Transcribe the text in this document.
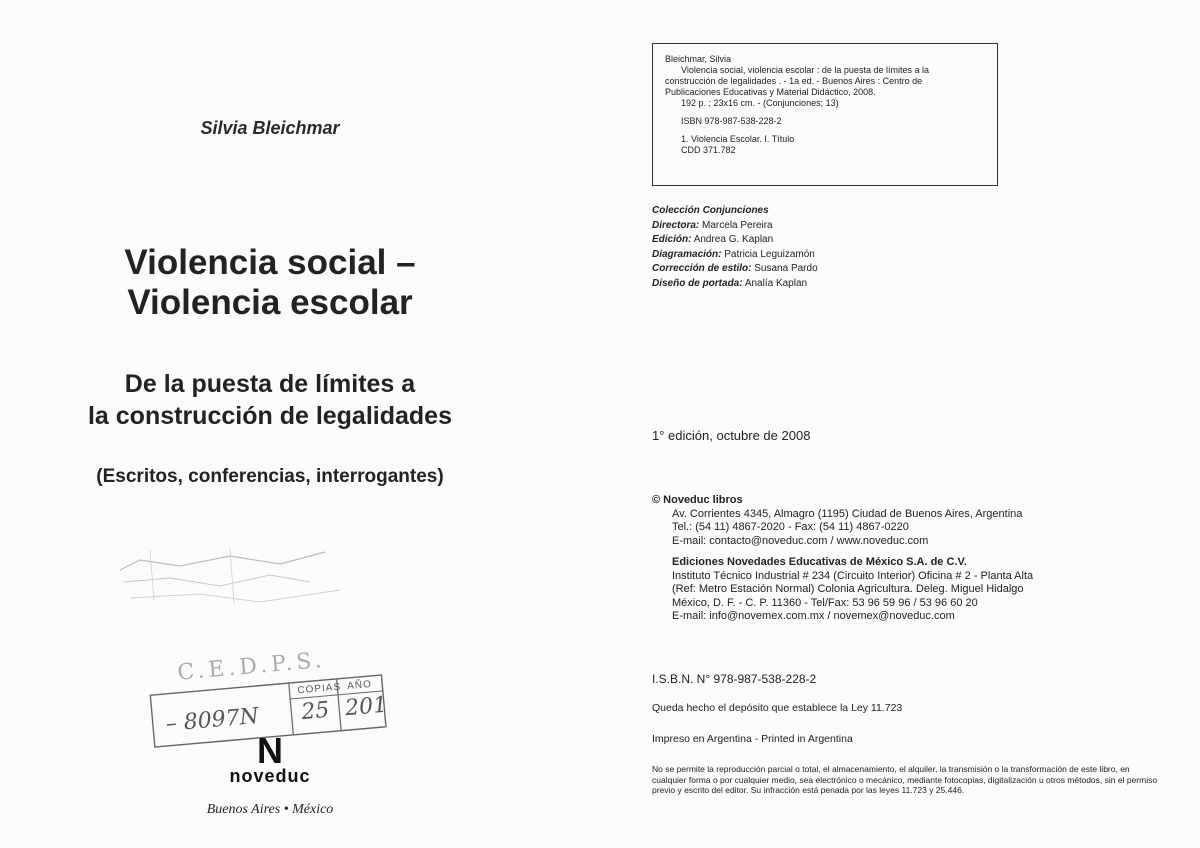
Silvia Bleichmar
Violencia social –
Violencia escolar
De la puesta de límites a
la construcción de legalidades
(Escritos, conferencias, interrogantes)
C.E.D.P.S.
– 8097N
COPIAS
25
AÑO
201
N
noveduc
Buenos Aires • México
Bleichmar, Silvia
Violencia social, violencia escolar : de la puesta de límites a la
construcción de legalidades . - 1a ed. - Buenos Aires : Centro de
Publicaciones Educativas y Material Didáctico, 2008.
192 p. ; 23x16 cm. - (Conjunciones; 13)
ISBN 978-987-538-228-2
1. Violencia Escolar. I. Título
CDD 371.782
Colección Conjunciones
Directora: Marcela Pereira
Edición: Andrea G. Kaplan
Diagramación: Patricia Leguizamón
Corrección de estilo: Susana Pardo
Diseño de portada: Analía Kaplan
1° edición, octubre de 2008
© Noveduc libros
Av. Corrientes 4345, Almagro (1195) Ciudad de Buenos Aires, Argentina
Tel.: (54 11) 4867-2020 - Fax: (54 11) 4867-0220
E-mail: contacto@noveduc.com / www.noveduc.com
Ediciones Novedades Educativas de México S.A. de C.V.
Instituto Técnico Industrial # 234 (Circuito Interior) Oficina # 2 - Planta Alta
(Ref: Metro Estación Normal) Colonia Agricultura. Deleg. Miguel Hidalgo
México, D. F. - C. P. 11360 - Tel/Fax: 53 96 59 96 / 53 96 60 20
E-mail: info@novemex.com.mx / novemex@noveduc.com
I.S.B.N. N° 978-987-538-228-2
Queda hecho el depósito que establece la Ley 11.723
Impreso en Argentina - Printed in Argentina
No se permite la reproducción parcial o total, el almacenamiento, el alquiler, la transmisión o la transformación de este libro, en cualquier forma o por cualquier medio, sea electrónico o mecánico, mediante fotocopias, digitalización u otros métodos, sin el permiso previo y escrito del editor. Su infracción está penada por las leyes 11.723 y 25.446.
